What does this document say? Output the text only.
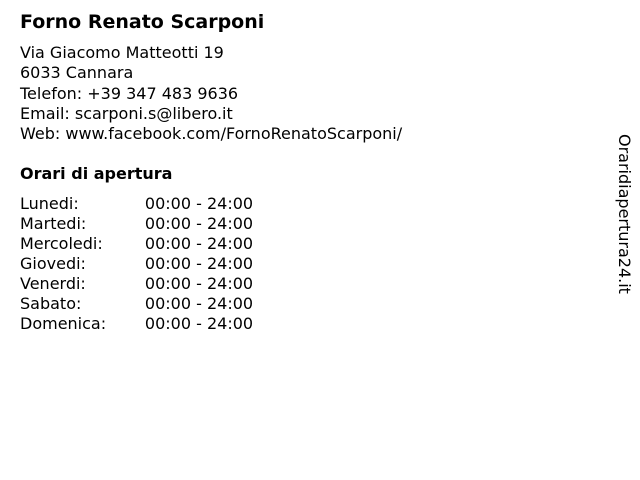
Forno Renato Scarponi
Via Giacomo Matteotti 19
6033 Cannara
Telefon: +39 347 483 9636
Email: scarponi.s@libero.it
Web: www.facebook.com/FornoRenatoScarponi/
Orari di apertura
Lunedi:	00:00 - 24:00
Martedi:	00:00 - 24:00
Mercoledi:	00:00 - 24:00
Giovedi:	00:00 - 24:00
Venerdi:	00:00 - 24:00
Sabato:	00:00 - 24:00
Domenica:	00:00 - 24:00
Oraridiapertura24.it
